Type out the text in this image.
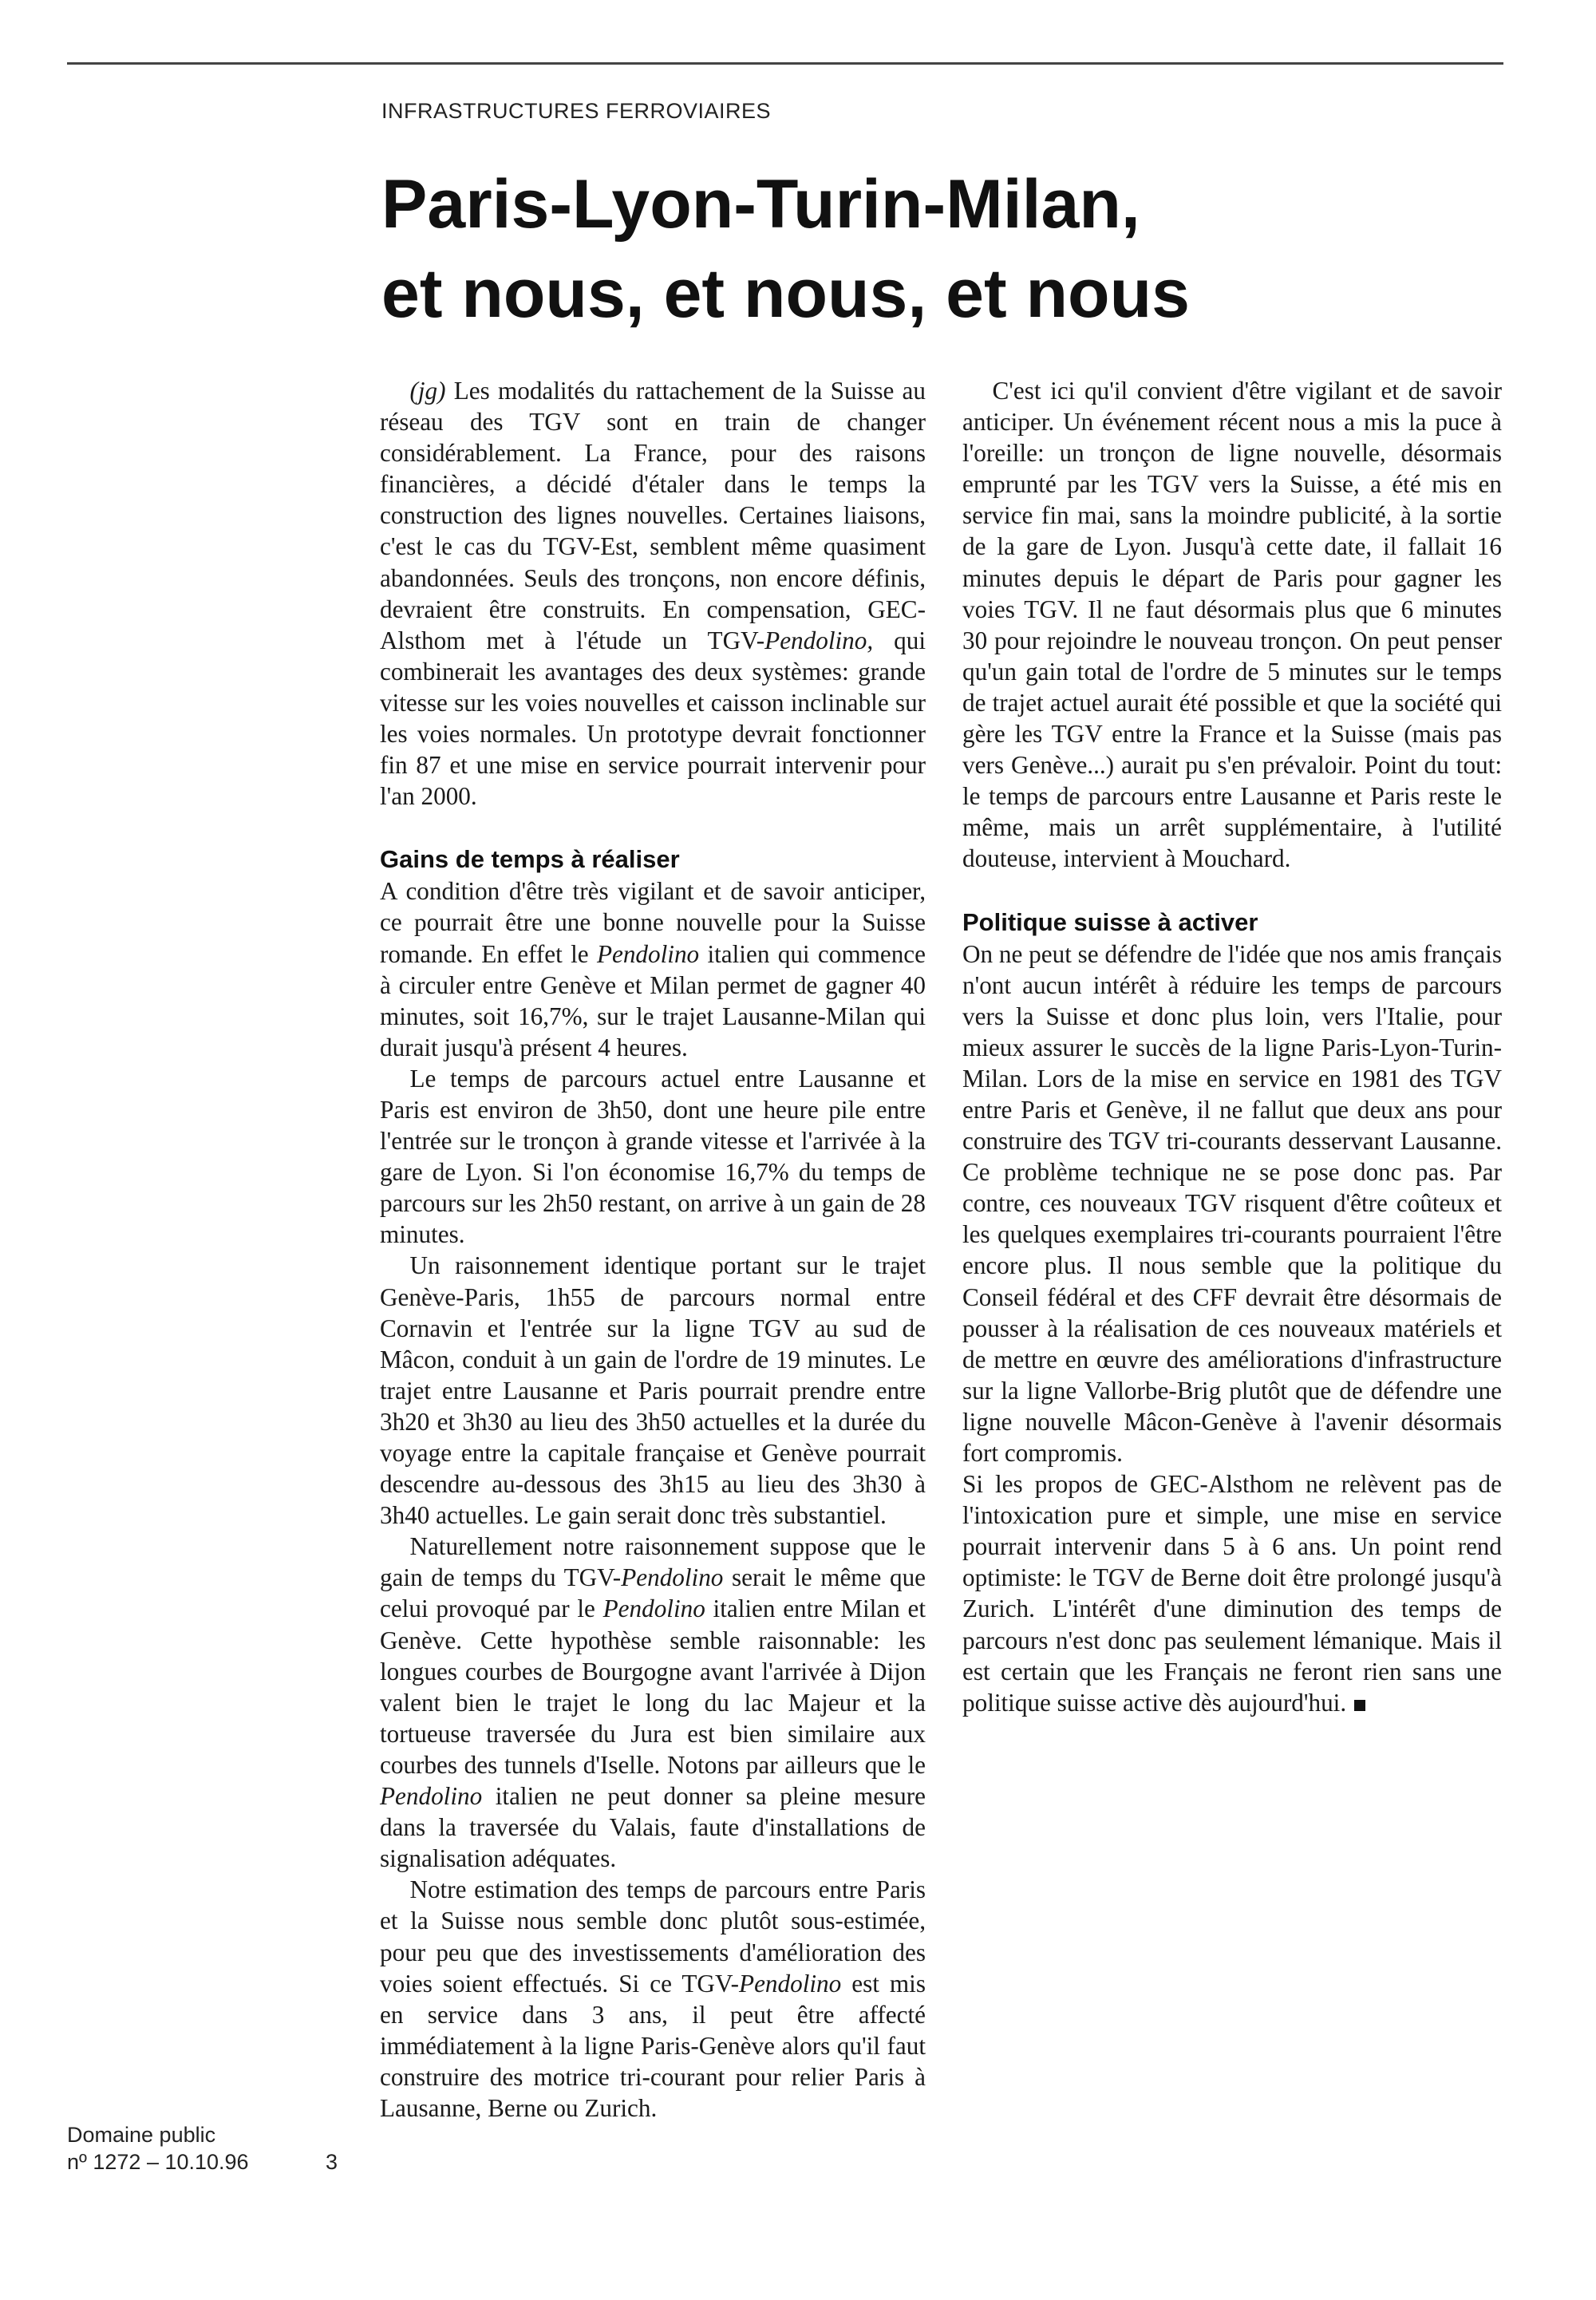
INFRASTRUCTURES FERROVIAIRES
Paris-Lyon-Turin-Milan,
et nous, et nous, et nous

(jg) Les modalités du rattachement de la Suisse au réseau des TGV sont en train de changer considérablement. La France, pour des raisons financières, a décidé d'étaler dans le temps la construction des lignes nouvelles. Certaines liaisons, c'est le cas du TGV-Est, semblent même quasiment abandonnées. Seuls des tronçons, non encore définis, devraient être construits. En compensation, GEC-Alsthom met à l'étude un TGV-Pendolino, qui combinerait les avantages des deux systèmes: grande vitesse sur les voies nouvelles et caisson inclinable sur les voies normales. Un prototype devrait fonctionner fin 87 et une mise en service pourrait intervenir pour l'an 2000.

Gains de temps à réaliser

A condition d'être très vigilant et de savoir anticiper, ce pourrait être une bonne nouvelle pour la Suisse romande. En effet le Pendolino italien qui commence à circuler entre Genève et Milan permet de gagner 40 minutes, soit 16,7%, sur le trajet Lausanne-Milan qui durait jusqu'à présent 4 heures.

Le temps de parcours actuel entre Lausanne et Paris est environ de 3h50, dont une heure pile entre l'entrée sur le tronçon à grande vitesse et l'arrivée à la gare de Lyon. Si l'on économise 16,7% du temps de parcours sur les 2h50 restant, on arrive à un gain de 28 minutes.

Un raisonnement identique portant sur le trajet Genève-Paris, 1h55 de parcours normal entre Cornavin et l'entrée sur la ligne TGV au sud de Mâcon, conduit à un gain de l'ordre de 19 minutes. Le trajet entre Lausanne et Paris pourrait prendre entre 3h20 et 3h30 au lieu des 3h50 actuelles et la durée du voyage entre la capitale française et Genève pourrait descendre au-dessous des 3h15 au lieu des 3h30 à 3h40 actuelles. Le gain serait donc très substantiel.

Naturellement notre raisonnement suppose que le gain de temps du TGV-Pendolino serait le même que celui provoqué par le Pendolino italien entre Milan et Genève. Cette hypothèse semble raisonnable: les longues courbes de Bourgogne avant l'arrivée à Dijon valent bien le trajet le long du lac Majeur et la tortueuse traversée du Jura est bien similaire aux courbes des tunnels d'Iselle. Notons par ailleurs que le Pendolino italien ne peut donner sa pleine mesure dans la traversée du Valais, faute d'installations de signalisation adéquates.

Notre estimation des temps de parcours entre Paris et la Suisse nous semble donc plutôt sous-estimée, pour peu que des investissements d'amélioration des voies soient effectués. Si ce TGV-Pendolino est mis en service dans 3 ans, il peut être affecté immédiatement à la ligne Paris-Genève alors qu'il faut construire des motrice tri-courant pour relier Paris à Lausanne, Berne ou Zurich.

C'est ici qu'il convient d'être vigilant et de savoir anticiper. Un événement récent nous a mis la puce à l'oreille: un tronçon de ligne nouvelle, désormais emprunté par les TGV vers la Suisse, a été mis en service fin mai, sans la moindre publicité, à la sortie de la gare de Lyon. Jusqu'à cette date, il fallait 16 minutes depuis le départ de Paris pour gagner les voies TGV. Il ne faut désormais plus que 6 minutes 30 pour rejoindre le nouveau tronçon. On peut penser qu'un gain total de l'ordre de 5 minutes sur le temps de trajet actuel aurait été possible et que la société qui gère les TGV entre la France et la Suisse (mais pas vers Genève...) aurait pu s'en prévaloir. Point du tout: le temps de parcours entre Lausanne et Paris reste le même, mais un arrêt supplémentaire, à l'utilité douteuse, intervient à Mouchard.

Politique suisse à activer

On ne peut se défendre de l'idée que nos amis français n'ont aucun intérêt à réduire les temps de parcours vers la Suisse et donc plus loin, vers l'Italie, pour mieux assurer le succès de la ligne Paris-Lyon-Turin-Milan. Lors de la mise en service en 1981 des TGV entre Paris et Genève, il ne fallut que deux ans pour construire des TGV tri-courants desservant Lausanne. Ce problème technique ne se pose donc pas. Par contre, ces nouveaux TGV risquent d'être coûteux et les quelques exemplaires tri-courants pourraient l'être encore plus. Il nous semble que la politique du Conseil fédéral et des CFF devrait être désormais de pousser à la réalisation de ces nouveaux matériels et de mettre en œuvre des améliorations d'infrastructure sur la ligne Vallorbe-Brig plutôt que de défendre une ligne nouvelle Mâcon-Genève à l'avenir désormais fort compromis.

Si les propos de GEC-Alsthom ne relèvent pas de l'intoxication pure et simple, une mise en service pourrait intervenir dans 5 à 6 ans. Un point rend optimiste: le TGV de Berne doit être prolongé jusqu'à Zurich. L'intérêt d'une diminution des temps de parcours n'est donc pas seulement lémanique. Mais il est certain que les Français ne feront rien sans une politique suisse active dès aujourd'hui.

Domaine public
nº 1272 – 10.10.96	3
